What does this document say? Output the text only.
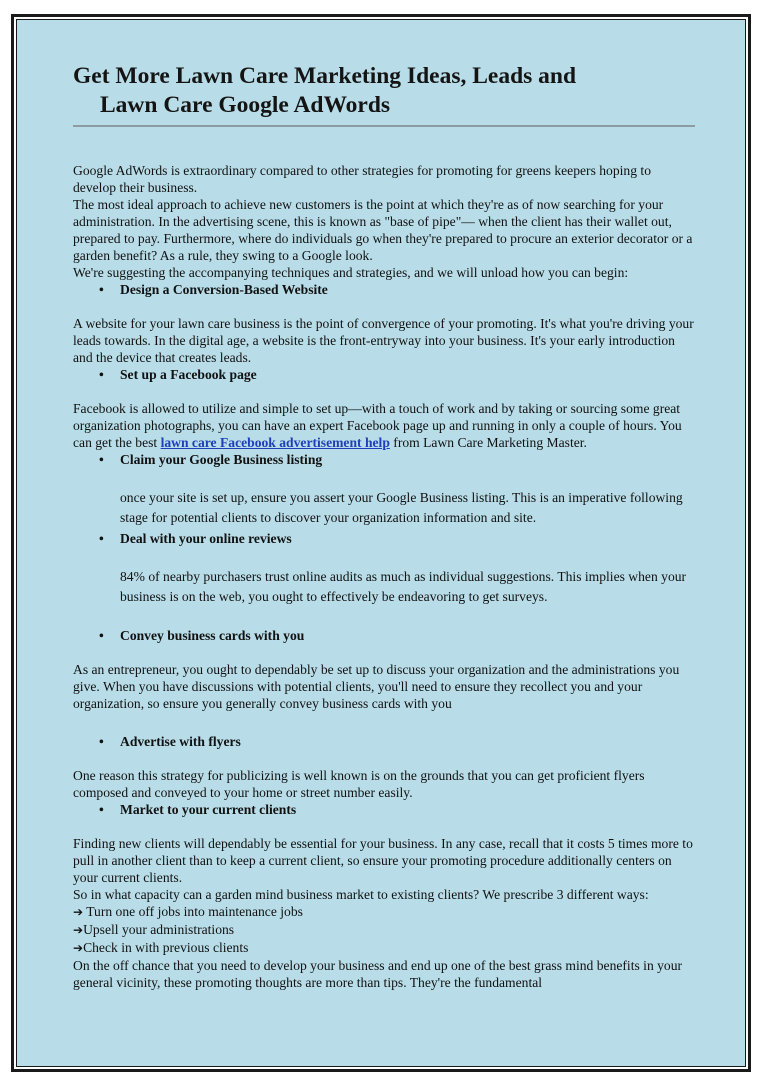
Get More Lawn Care Marketing Ideas, Leads and
Lawn Care Google AdWords

Google AdWords is extraordinary compared to other strategies for promoting for greens keepers hoping to develop their business.

The most ideal approach to achieve new customers is the point at which they're as of now searching for your administration. In the advertising scene, this is known as "base of pipe"— when the client has their wallet out, prepared to pay. Furthermore, where do individuals go when they're prepared to procure an exterior decorator or a garden benefit? As a rule, they swing to a Google look.

We're suggesting the accompanying techniques and strategies, and we will unload how you can begin:

• Design a Conversion-Based Website

A website for your lawn care business is the point of convergence of your promoting. It's what you're driving your leads towards. In the digital age, a website is the front-entryway into your business. It's your early introduction and the device that creates leads.

• Set up a Facebook page

Facebook is allowed to utilize and simple to set up—with a touch of work and by taking or sourcing some great organization photographs, you can have an expert Facebook page up and running in only a couple of hours. You can get the best lawn care Facebook advertisement help from Lawn Care Marketing Master.

• Claim your Google Business listing

once your site is set up, ensure you assert your Google Business listing. This is an imperative following stage for potential clients to discover your organization information and site.

• Deal with your online reviews

84% of nearby purchasers trust online audits as much as individual suggestions. This implies when your business is on the web, you ought to effectively be endeavoring to get surveys.

• Convey business cards with you

As an entrepreneur, you ought to dependably be set up to discuss your organization and the administrations you give. When you have discussions with potential clients, you'll need to ensure they recollect you and your organization, so ensure you generally convey business cards with you

• Advertise with flyers

One reason this strategy for publicizing is well known is on the grounds that you can get proficient flyers composed and conveyed to your home or street number easily.

• Market to your current clients

Finding new clients will dependably be essential for your business. In any case, recall that it costs 5 times more to pull in another client than to keep a current client, so ensure your promoting procedure additionally centers on your current clients.

So in what capacity can a garden mind business market to existing clients? We prescribe 3 different ways:

➔ Turn one off jobs into maintenance jobs

➔Upsell your administrations

➔Check in with previous clients

On the off chance that you need to develop your business and end up one of the best grass mind benefits in your general vicinity, these promoting thoughts are more than tips. They're the fundamental
